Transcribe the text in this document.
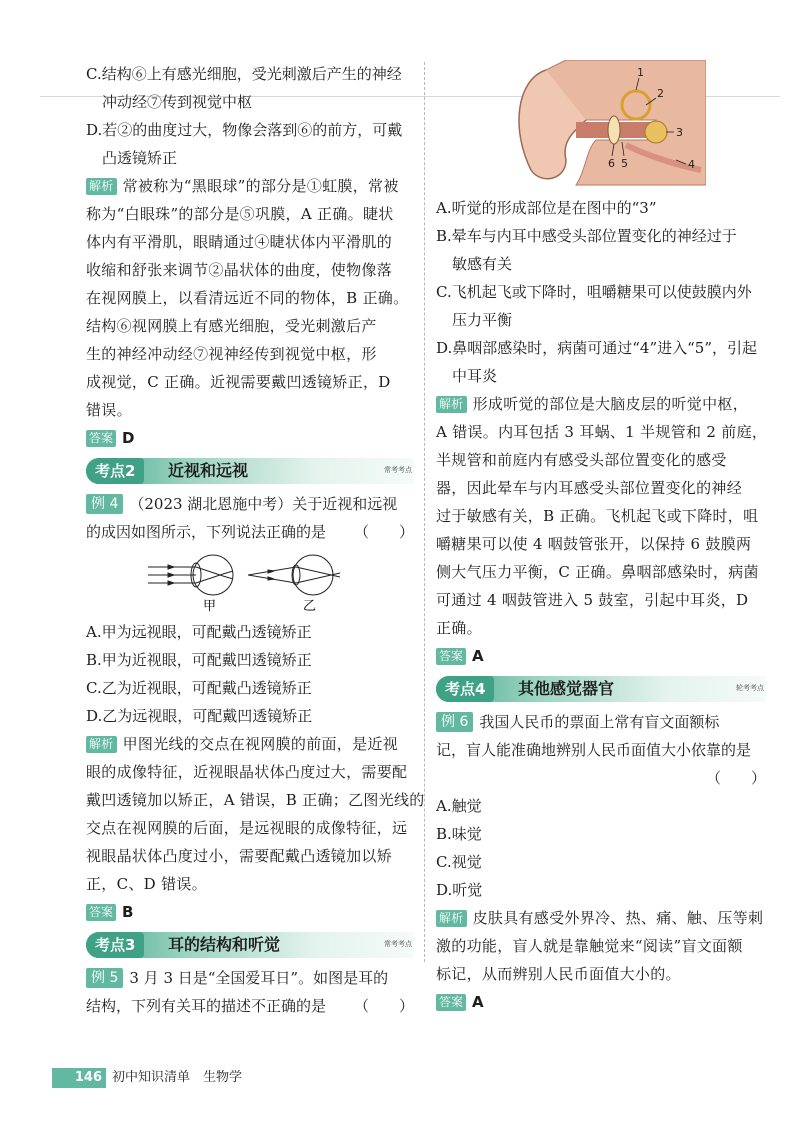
C.结构⑥上有感光细胞，受光刺激后产生的神经

冲动经⑦传到视觉中枢

D.若②的曲度过大，物像会落到⑥的前方，可戴

凸透镜矫正

解析 常被称为“黑眼球”的部分是①虹膜，常被

称为“白眼珠”的部分是⑤巩膜，A 正确。睫状

体内有平滑肌，眼睛通过④睫状体内平滑肌的

收缩和舒张来调节②晶状体的曲度，使物像落

在视网膜上，以看清远近不同的物体，B 正确。

结构⑥视网膜上有感光细胞，受光刺激后产

生的神经冲动经⑦视神经传到视觉中枢，形

成视觉，C 正确。近视需要戴凹透镜矫正，D

错误。

答案 D

考点2	近视和远视	常考考点

例 4 （2023 湖北恩施中考）关于近视和远视

的成因如图所示，下列说法正确的是 （　　）

甲	乙

A.甲为远视眼，可配戴凸透镜矫正

B.甲为近视眼，可配戴凹透镜矫正

C.乙为近视眼，可配戴凸透镜矫正

D.乙为远视眼，可配戴凹透镜矫正

解析 甲图光线的交点在视网膜的前面，是近视

眼的成像特征，近视眼晶状体凸度过大，需要配

戴凹透镜加以矫正，A 错误，B 正确；乙图光线的

交点在视网膜的后面，是远视眼的成像特征，远

视眼晶状体凸度过小，需要配戴凸透镜加以矫

正，C、D 错误。

答案 B

考点3	耳的结构和听觉	常考考点

例 5 3 月 3 日是“全国爱耳日”。如图是耳的

结构，下列有关耳的描述不正确的是 （　　）

1
2
3
4
6 5

A.听觉的形成部位是在图中的“3”

B.晕车与内耳中感受头部位置变化的神经过于

敏感有关

C.飞机起飞或下降时，咀嚼糖果可以使鼓膜内外

压力平衡

D.鼻咽部感染时，病菌可通过“4”进入“5”，引起

中耳炎

解析 形成听觉的部位是大脑皮层的听觉中枢，

A 错误。内耳包括 3 耳蜗、1 半规管和 2 前庭，

半规管和前庭内有感受头部位置变化的感受

器，因此晕车与内耳感受头部位置变化的神经

过于敏感有关，B 正确。飞机起飞或下降时，咀

嚼糖果可以使 4 咽鼓管张开，以保持 6 鼓膜两

侧大气压力平衡，C 正确。鼻咽部感染时，病菌

可通过 4 咽鼓管进入 5 鼓室，引起中耳炎，D

正确。

答案 A

考点4	其他感觉器官	轮考考点

例 6 我国人民币的票面上常有盲文面额标

记，盲人能准确地辨别人民币面值大小依靠的是

（　　）

A.触觉

B.味觉

C.视觉

D.听觉

解析 皮肤具有感受外界冷、热、痛、触、压等刺

激的功能，盲人就是靠触觉来“阅读”盲文面额

标记，从而辨别人民币面值大小的。

答案 A

146 初中知识清单　生物学
